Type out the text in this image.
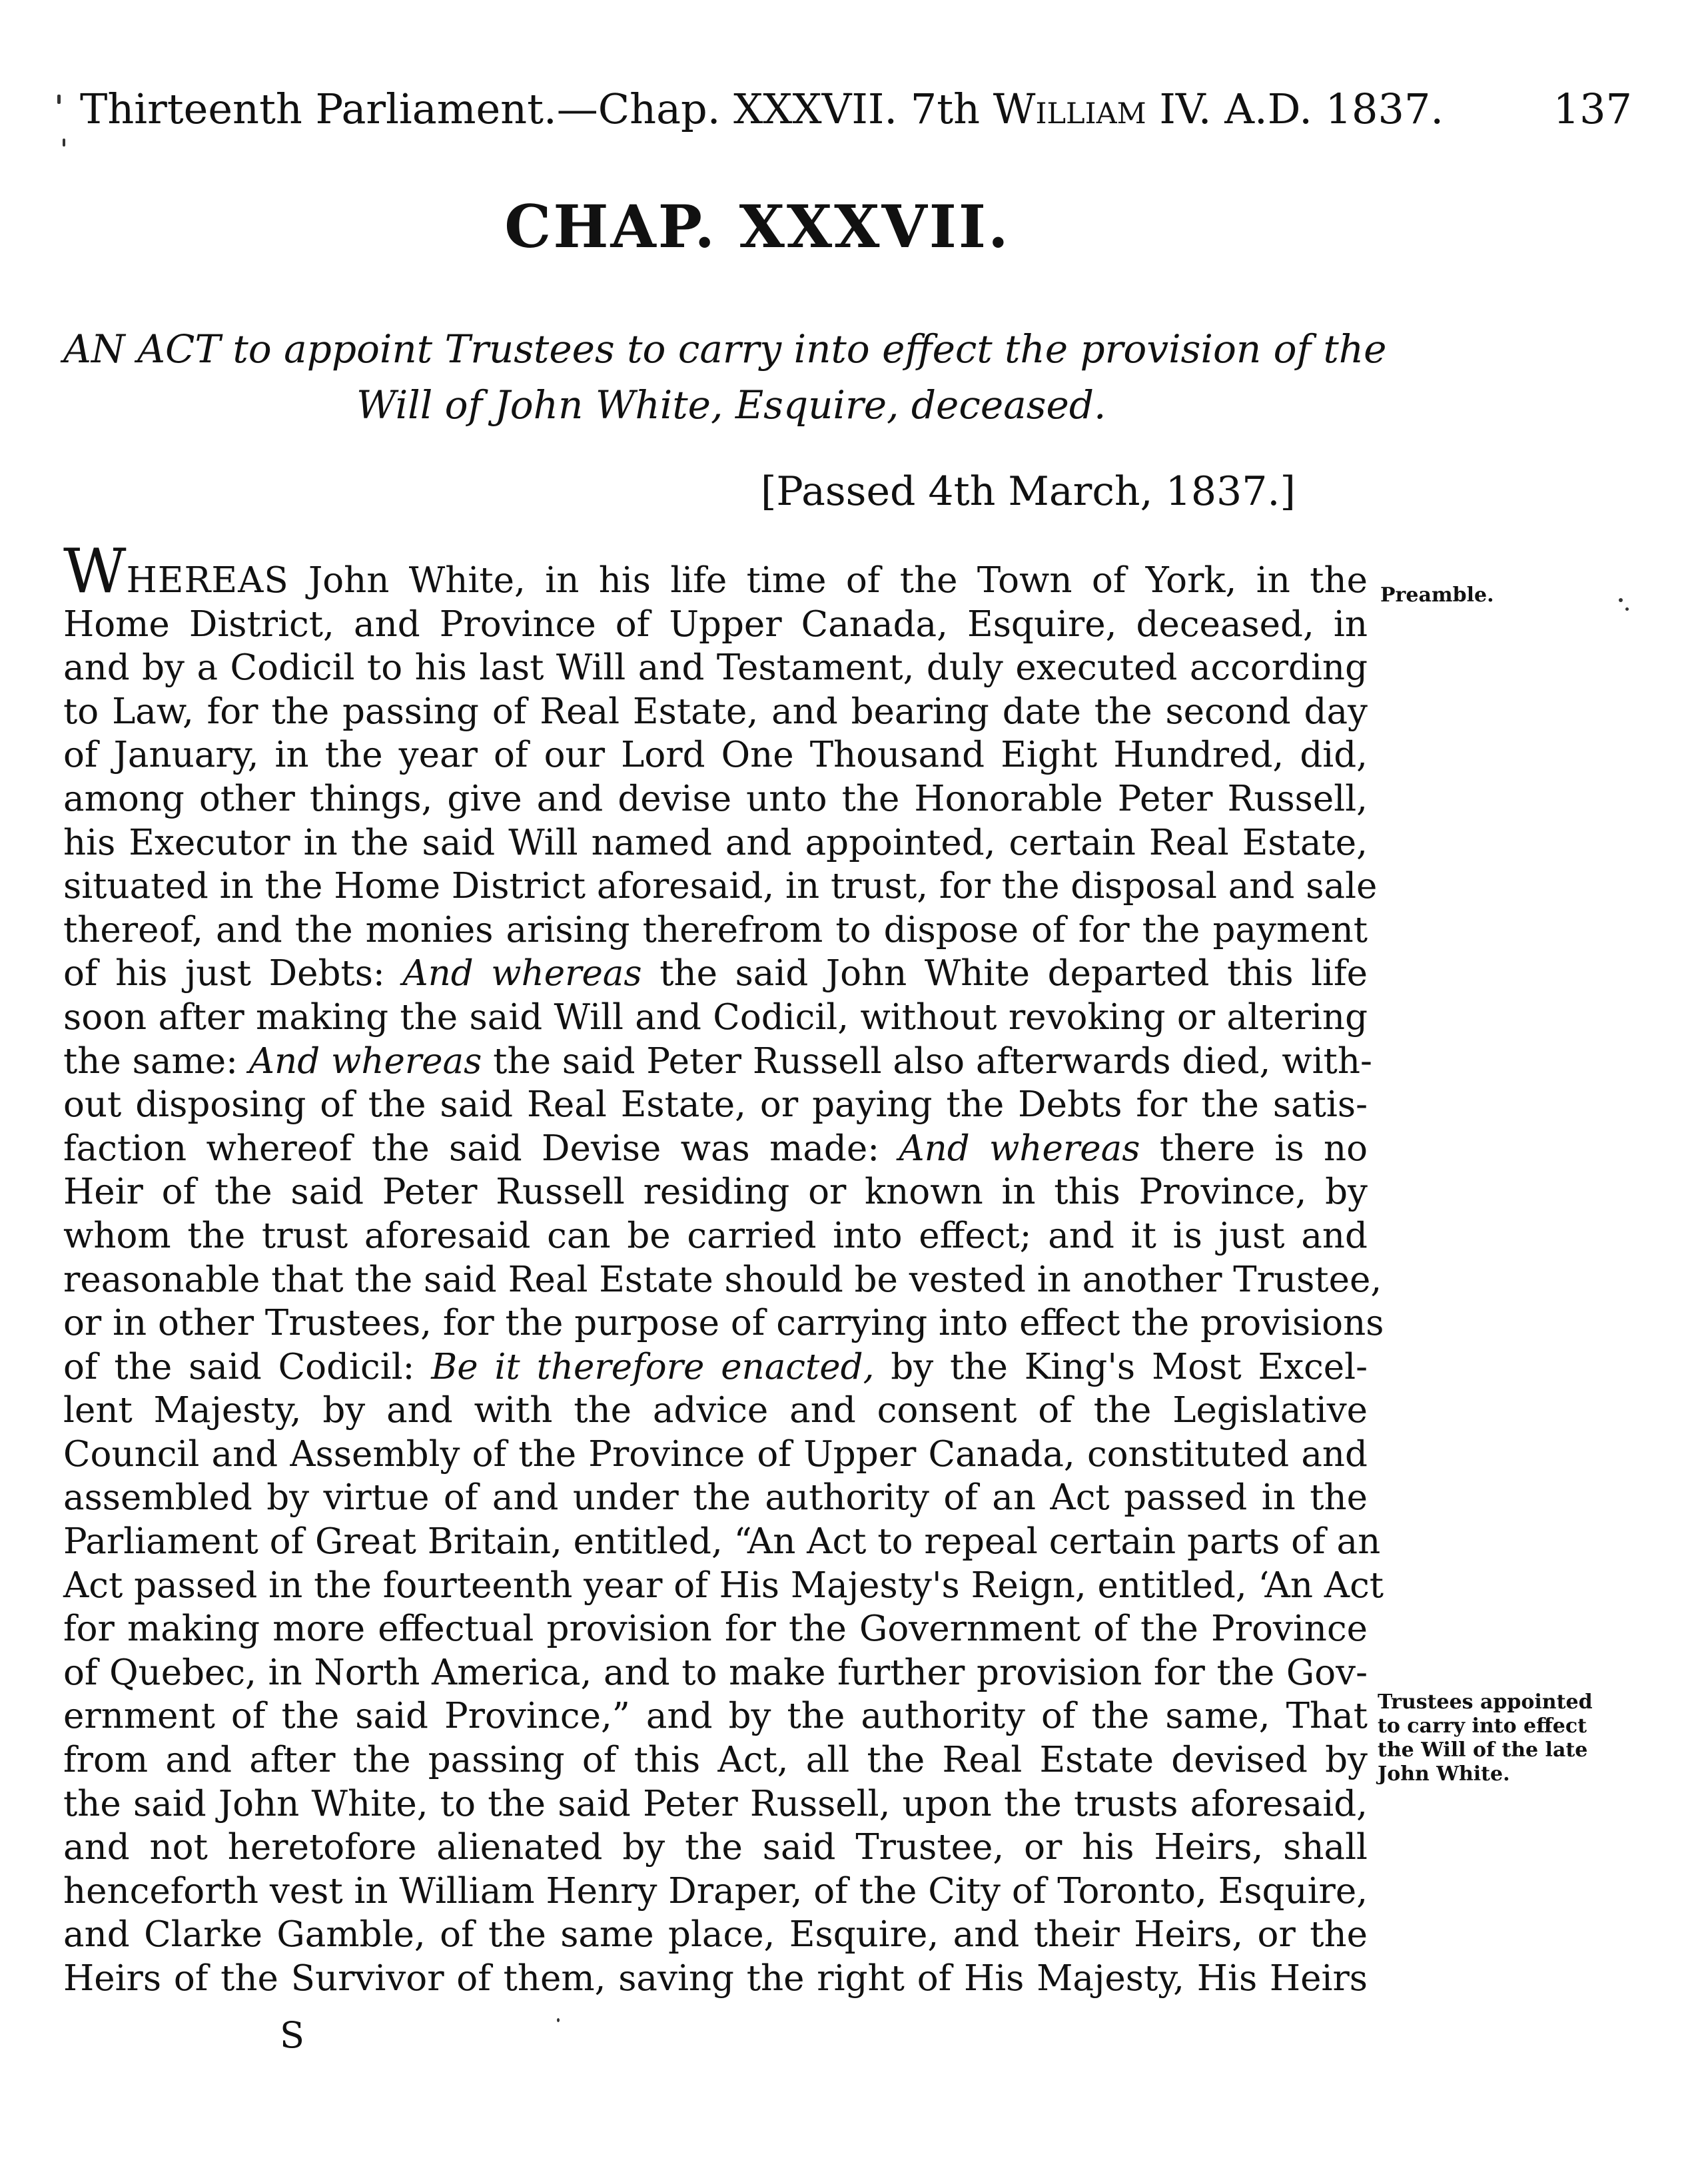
Thirteenth Parliament.—Chap. XXXVII. 7th William IV. A.D. 1837.	137
CHAP. XXXVII.
AN ACT to appoint Trustees to carry into effect the provision of the
Will of John White, Esquire, deceased.
[Passed 4th March, 1837.]
WHEREAS John White, in his life time of the Town of York, in the
Home District, and Province of Upper Canada, Esquire, deceased, in
and by a Codicil to his last Will and Testament, duly executed according
to Law, for the passing of Real Estate, and bearing date the second day
of January, in the year of our Lord One Thousand Eight Hundred, did,
among other things, give and devise unto the Honorable Peter Russell,
his Executor in the said Will named and appointed, certain Real Estate,
situated in the Home District aforesaid, in trust, for the disposal and sale
thereof, and the monies arising therefrom to dispose of for the payment
of his just Debts: And whereas the said John White departed this life
soon after making the said Will and Codicil, without revoking or altering
the same: And whereas the said Peter Russell also afterwards died, with-
out disposing of the said Real Estate, or paying the Debts for the satis-
faction whereof the said Devise was made: And whereas there is no
Heir of the said Peter Russell residing or known in this Province, by
whom the trust aforesaid can be carried into effect; and it is just and
reasonable that the said Real Estate should be vested in another Trustee,
or in other Trustees, for the purpose of carrying into effect the provisions
of the said Codicil: Be it therefore enacted, by the King's Most Excel-
lent Majesty, by and with the advice and consent of the Legislative
Council and Assembly of the Province of Upper Canada, constituted and
assembled by virtue of and under the authority of an Act passed in the
Parliament of Great Britain, entitled, “An Act to repeal certain parts of an
Act passed in the fourteenth year of His Majesty's Reign, entitled, ‘An Act
for making more effectual provision for the Government of the Province
of Quebec, in North America, and to make further provision for the Gov-
ernment of the said Province,” and by the authority of the same, That
from and after the passing of this Act, all the Real Estate devised by
the said John White, to the said Peter Russell, upon the trusts aforesaid,
and not heretofore alienated by the said Trustee, or his Heirs, shall
henceforth vest in William Henry Draper, of the City of Toronto, Esquire,
and Clarke Gamble, of the same place, Esquire, and their Heirs, or the
Heirs of the Survivor of them, saving the right of His Majesty, His Heirs
Preamble.
Trustees appointed
to carry into effect
the Will of the late
John White.
S
